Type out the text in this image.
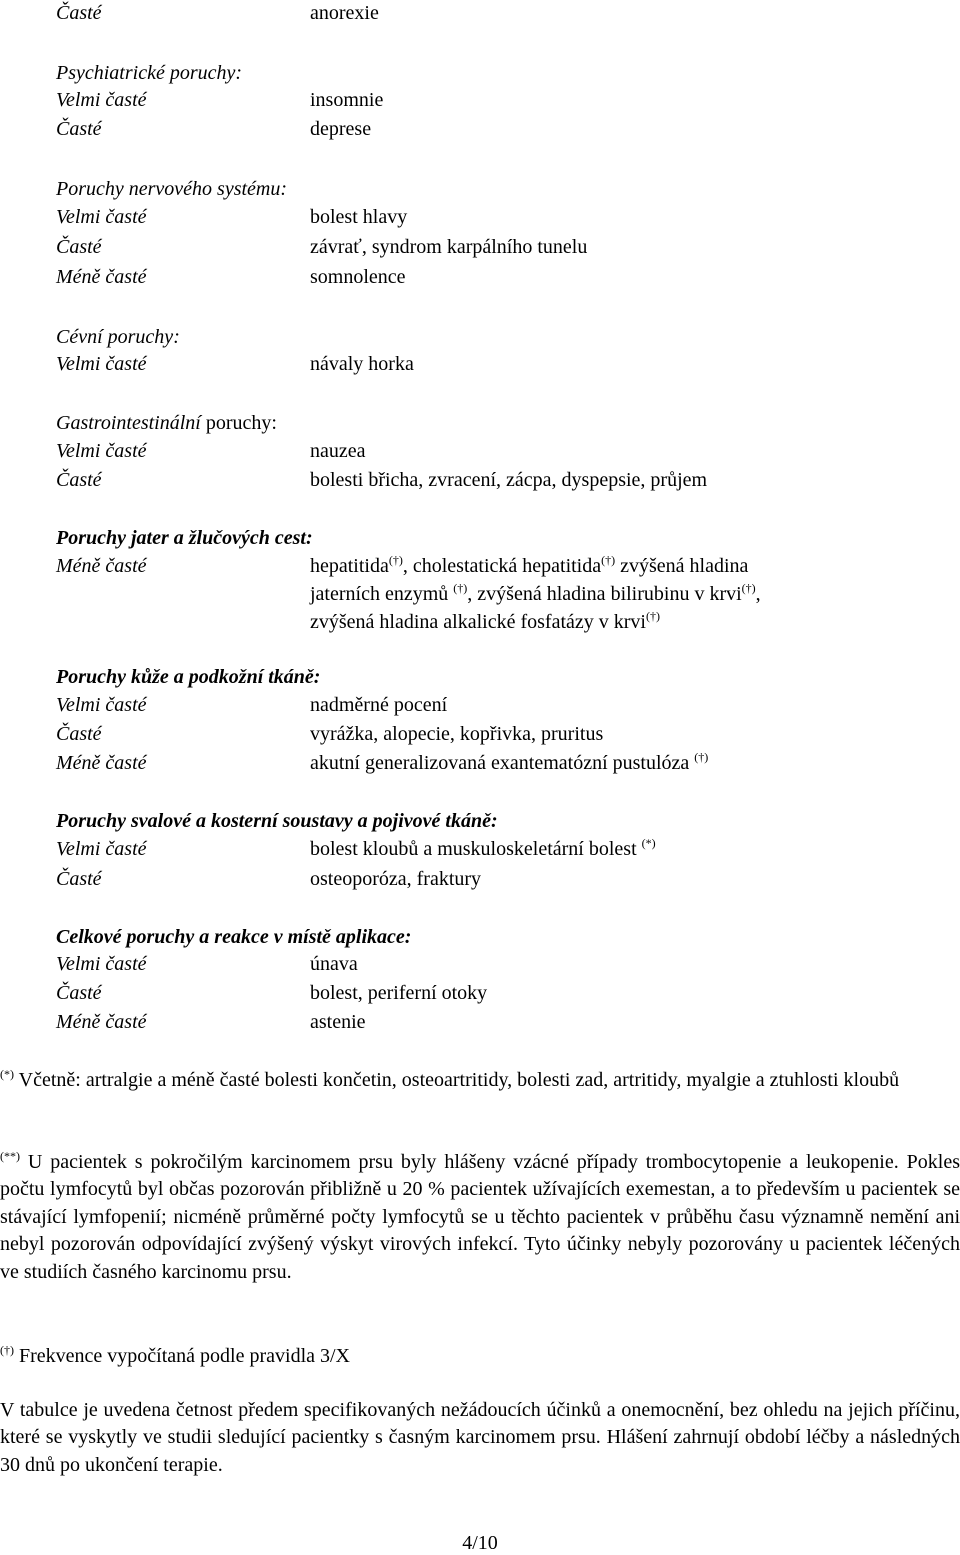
Časté	anorexie
Psychiatrické poruchy:
Velmi časté	insomnie
Časté	deprese
Poruchy nervového systému:
Velmi časté	bolest hlavy
Časté	závrať, syndrom karpálního tunelu
Méně časté	somnolence
Cévní poruchy:
Velmi časté	návaly horka
Gastrointestinální poruchy:
Velmi časté	nauzea
Časté	bolesti břicha, zvracení, zácpa, dyspepsie, průjem
Poruchy jater a žlučových cest:
Méně časté	hepatitida(†), cholestatická hepatitida(†) zvýšená hladina
jaterních enzymů (†), zvýšená hladina bilirubinu v krvi(†),
zvýšená hladina alkalické fosfatázy v krvi(†)
Poruchy kůže a podkožní tkáně:
Velmi časté	nadměrné pocení
Časté	vyrážka, alopecie, kopřivka, pruritus
Méně časté	akutní generalizovaná exantematózní pustulóza (†)
Poruchy svalové a kosterní soustavy a pojivové tkáně:
Velmi časté	bolest kloubů a muskuloskeletární bolest (*)
Časté	osteoporóza, fraktury
Celkové poruchy a reakce v místě aplikace:
Velmi časté	únava
Časté	bolest, periferní otoky
Méně časté	astenie
(*) Včetně: artralgie a méně časté bolesti končetin, osteoartritidy, bolesti zad, artritidy, myalgie a ztuhlosti kloubů
(**) U pacientek s pokročilým karcinomem prsu byly hlášeny vzácné případy trombocytopenie a leukopenie. Pokles počtu lymfocytů byl občas pozorován přibližně u 20 % pacientek užívajících exemestan, a to především u pacientek se stávající lymfopenií; nicméně průměrné počty lymfocytů se u těchto pacientek v průběhu času významně nemění ani nebyl pozorován odpovídající zvýšený výskyt virových infekcí. Tyto účinky nebyly pozorovány u pacientek léčených ve studiích časného karcinomu prsu.
(†) Frekvence vypočítaná podle pravidla 3/X
V tabulce je uvedena četnost předem specifikovaných nežádoucích účinků a onemocnění, bez ohledu na jejich příčinu, které se vyskytly ve studii sledující pacientky s časným karcinomem prsu. Hlášení zahrnují období léčby a následných 30 dnů po ukončení terapie.
4/10
